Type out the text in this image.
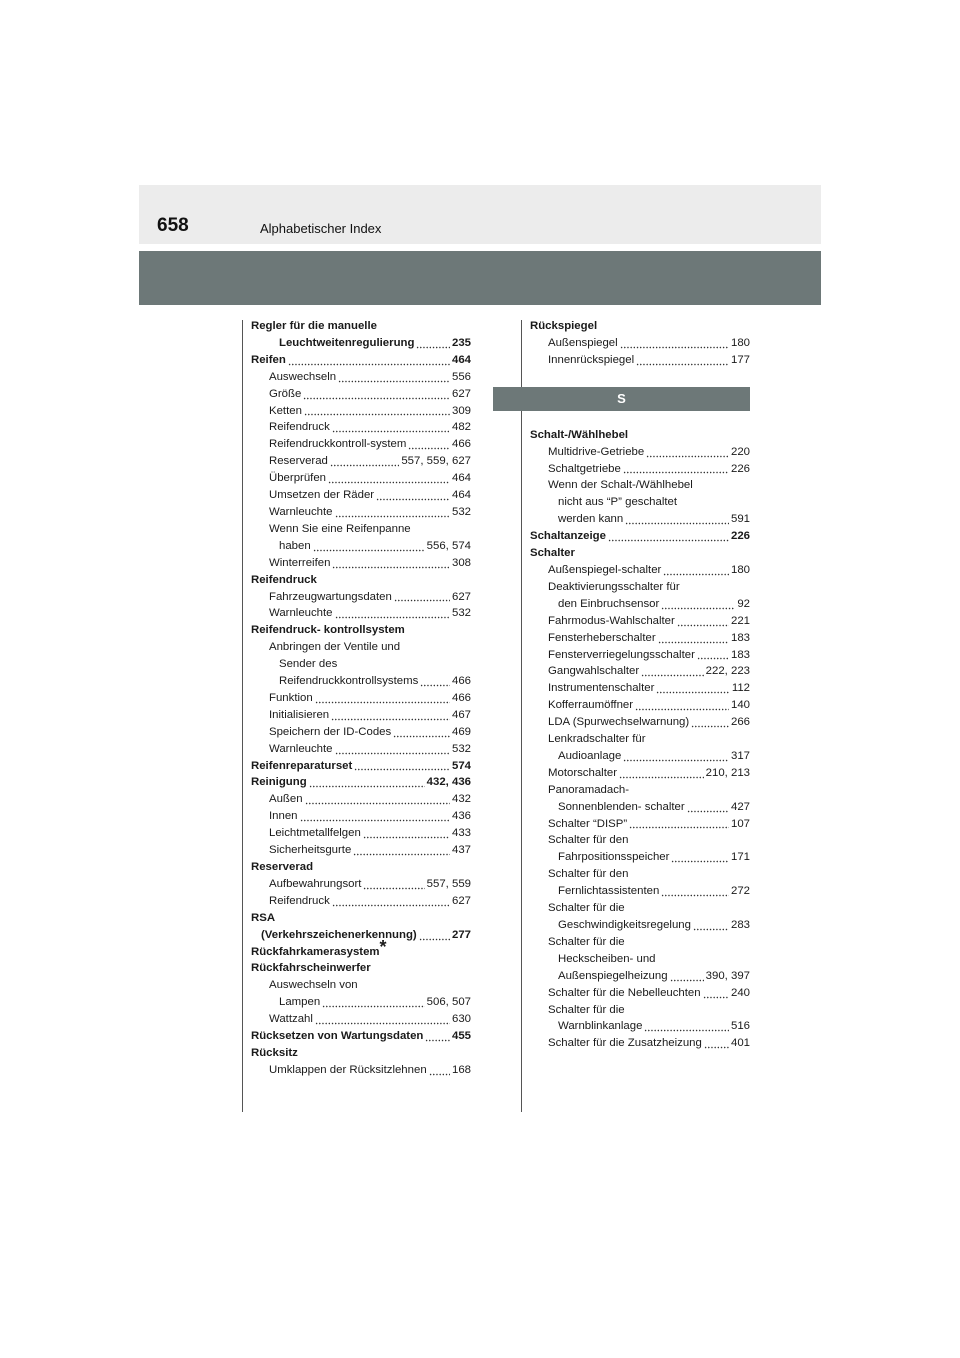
658	Alphabetischer Index
Regler für die manuelle
Leuchtweitenregulierung	235
Reifen	464
Auswechseln	556
Größe	627
Ketten	309
Reifendruck	482
Reifendruckkontroll-system	466
Reserverad	557, 559, 627
Überprüfen	464
Umsetzen der Räder	464
Warnleuchte	532
Wenn Sie eine Reifenpanne
haben	556, 574
Winterreifen	308
Reifendruck
Fahrzeugwartungsdaten	627
Warnleuchte	532
Reifendruck- kontrollsystem
Anbringen der Ventile und
Sender des
Reifendruckkontrollsystems	466
Funktion	466
Initialisieren	467
Speichern der ID-Codes	469
Warnleuchte	532
Reifenreparaturset	574
Reinigung	432, 436
Außen	432
Innen	436
Leichtmetallfelgen	433
Sicherheitsgurte	437
Reserverad
Aufbewahrungsort	557, 559
Reifendruck	627
RSA
(Verkehrszeichenerkennung)	277
Rückfahrkamerasystem*
Rückfahrscheinwerfer
Auswechseln von
Lampen	506, 507
Wattzahl	630
Rücksetzen von Wartungsdaten	455
Rücksitz
Umklappen der Rücksitzlehnen 168
Rückspiegel
Außenspiegel	180
Innenrückspiegel	177
S
Schalt-/Wählhebel
Multidrive-Getriebe	220
Schaltgetriebe	226
Wenn der Schalt-/Wählhebel
nicht aus “P” geschaltet
werden kann	591
Schaltanzeige	226
Schalter
Außenspiegel-schalter	180
Deaktivierungsschalter für
den Einbruchsensor	92
Fahrmodus-Wahlschalter	221
Fensterheberschalter	183
Fensterverriegelungsschalter	183
Gangwahlschalter	222, 223
Instrumentenschalter	112
Kofferraumöffner	140
LDA (Spurwechselwarnung)	266
Lenkradschalter für
Audioanlage	317
Motorschalter	210, 213
Panoramadach-
Sonnenblenden- schalter	427
Schalter “DISP”	107
Schalter für den
Fahrpositionsspeicher	171
Schalter für den
Fernlichtassistenten	272
Schalter für die
Geschwindigkeitsregelung	283
Schalter für die
Heckscheiben- und
Außenspiegelheizung	390, 397
Schalter für die Nebelleuchten	240
Schalter für die
Warnblinkanlage	516
Schalter für die Zusatzheizung	401
